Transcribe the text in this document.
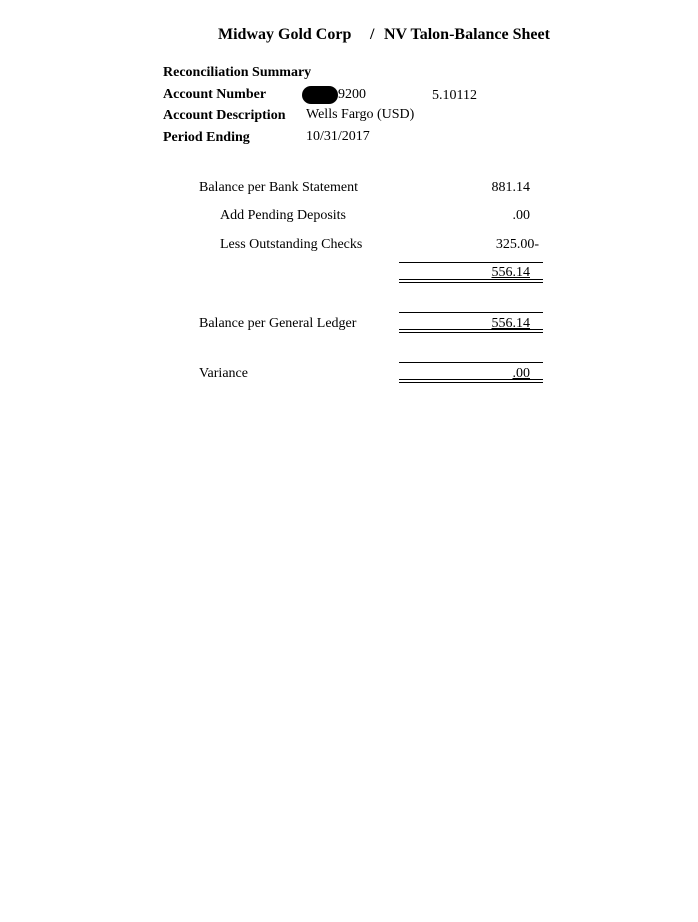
Midway Gold Corp / NV Talon-Balance Sheet
Reconciliation Summary
Account Number	9200	5.10112
Account Description Wells Fargo (USD)
Period Ending	10/31/2017
Balance per Bank Statement	881.14
Add Pending Deposits	.00
Less Outstanding Checks	325.00-
556.14
Balance per General Ledger	556.14
Variance	.00
